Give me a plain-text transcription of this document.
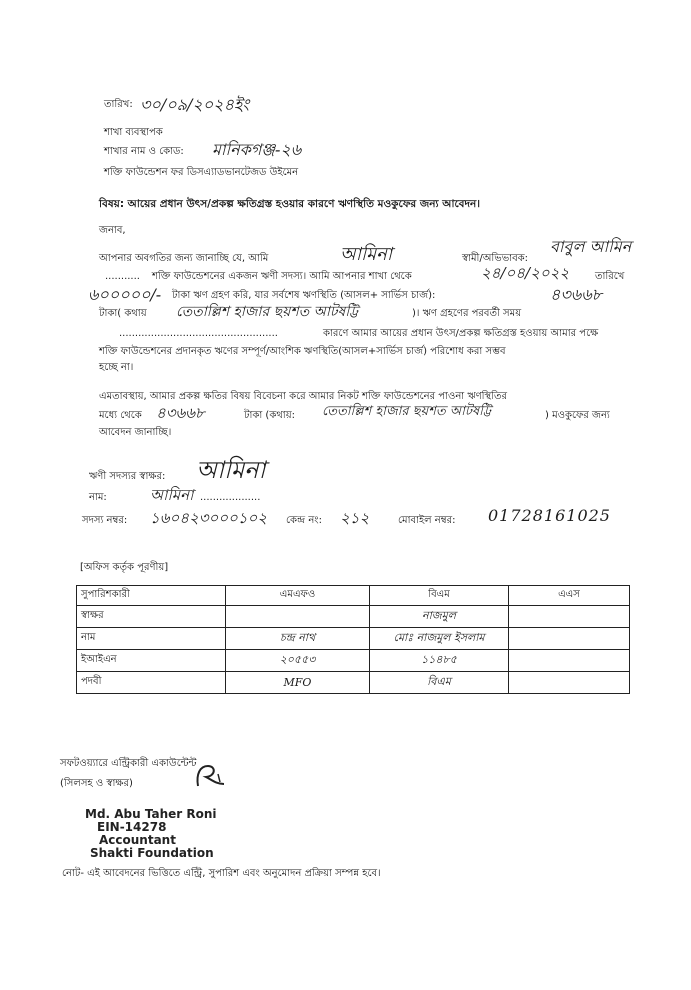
তারিখ: ৩০/০৯/২০২৪ইং
শাখা ব্যবস্থাপক
শাখার নাম ও কোড: মানিকগঞ্জ-২৬
শক্তি ফাউন্ডেশন ফর ডিসএ্যাডভানটেজড উইমেন
বিষয়: আয়ের প্রধান উৎস/প্রকল্প ক্ষতিগ্রস্ত হওয়ার কারণে ঋণস্থিতি মওকুফের জন্য আবেদন।
জনাব,
আপনার অবগতির জন্য জানাচ্ছি যে, আমি	আমিনা	স্বামী/অভিভাবক:
বাবুল আমিন
........... শক্তি ফাউন্ডেশনের একজন ঋণী সদস্য। আমি আপনার শাখা থেকে	২৪/০৪/২০২২	তারিখে
৬০০০০০/- টাকা ঋণ গ্রহণ করি, যার সর্বশেষ ঋণস্থিতি (আসল+ সার্ভিস চার্জ):	৪৩৬৬৮
টাকা( কথায় তেতাল্লিশ হাজার ছয়শত আটষট্টি	)। ঋণ গ্রহণের পরবর্তী সময়
..................................................	কারণে আমার আয়ের প্রধান উৎস/প্রকল্প ক্ষতিগ্রস্ত হওয়ায় আমার পক্ষে
শক্তি ফাউন্ডেশনের প্রদানকৃত ঋণের সম্পূর্ণ/আংশিক ঋণস্থিতি(আসল+সার্ভিস চার্জ) পরিশোধ করা সম্ভব
হচ্ছে না।
এমতাবস্থায়, আমার প্রকল্প ক্ষতির বিষয় বিবেচনা করে আমার নিকট শক্তি ফাউন্ডেশনের পাওনা ঋণস্থিতির
মধ্যে থেকে ৪৩৬৬৮	টাকা (কথায়: তেতাল্লিশ হাজার ছয়শত আটষট্টি	) মওকুফের জন্য
আবেদন জানাচ্ছি।
ঋণী সদস্যর স্বাক্ষর: আমিনা
নাম:	আমিনা ...................
সদস্য নম্বর: ১৬০৪২৩০০০১০২ কেন্দ্র নং: ২১২	মোবাইল নম্বর: 01728161025
[অফিস কর্তৃক পূরণীয়]
সুপারিশকারী	এমএফও	বিএম	এএস
স্বাক্ষর		নাজমুল	
নাম	চন্দ্র নাথ	মোঃ নাজমুল ইসলাম	
ইআইএন	২০৫৫৩	১১৪৮৫	
পদবী	MFO	বিএম	
সফটওয়্যারে এন্ট্রিকারী একাউন্টেন্ট
(সিলসহ ও স্বাক্ষর)
Md. Abu Taher Roni
EIN-14278
Accountant
Shakti Foundation
নোট- এই আবেদনের ভিত্তিতে এন্ট্রি, সুপারিশ এবং অনুমোদন প্রক্রিয়া সম্পন্ন হবে।
